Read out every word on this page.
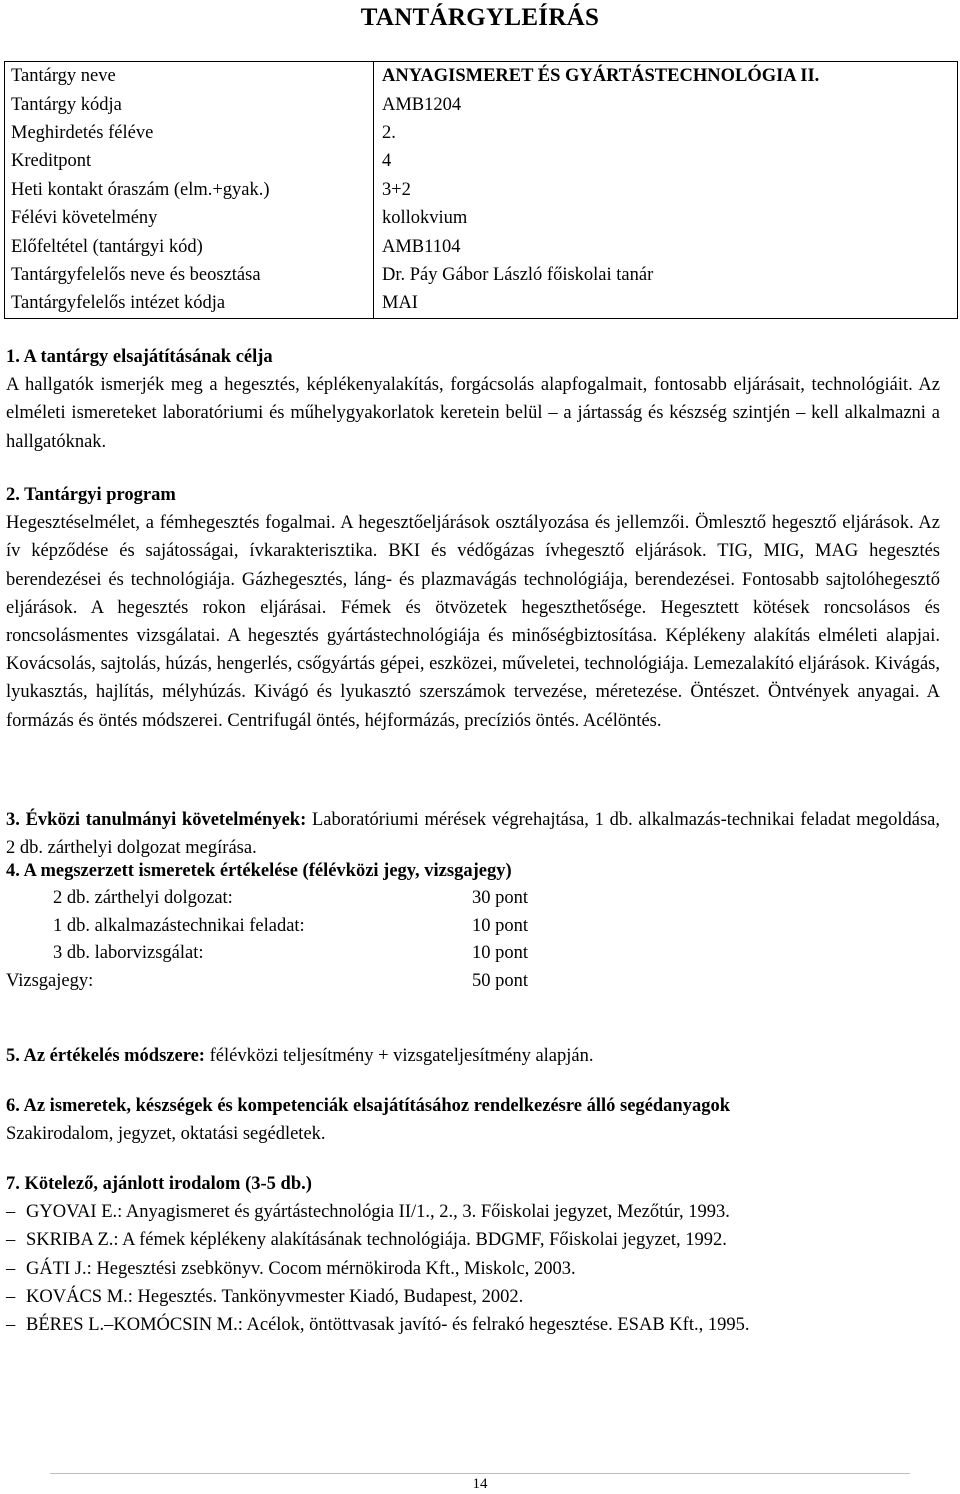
TANTÁRGYLEÍRÁS
Tantárgy neve	ANYAGISMERET ÉS GYÁRTÁSTECHNOLÓGIA II.
Tantárgy kódja	AMB1204
Meghirdetés féléve	2.
Kreditpont	4
Heti kontakt óraszám (elm.+gyak.)	3+2
Félévi követelmény	kollokvium
Előfeltétel (tantárgyi kód)	AMB1104
Tantárgyfelelős neve és beosztása	Dr. Páy Gábor László főiskolai tanár
Tantárgyfelelős intézet kódja	MAI
1. A tantárgy elsajátításának célja
A hallgatók ismerjék meg a hegesztés, képlékenyalakítás, forgácsolás alapfogalmait, fontosabb eljárásait, technológiáit. Az elméleti ismereteket laboratóriumi és műhelygyakorlatok keretein belül – a jártasság és készség szintjén – kell alkalmazni a hallgatóknak.
2. Tantárgyi program
Hegesztéselmélet, a fémhegesztés fogalmai. A hegesztőeljárások osztályozása és jellemzői. Ömlesztő hegesztő eljárások. Az ív képződése és sajátosságai, ívkarakterisztika. BKI és védőgázas ívhegesztő eljárások. TIG, MIG, MAG hegesztés berendezései és technológiája. Gázhegesztés, láng- és plazmavágás technológiája, berendezései. Fontosabb sajtolóhegesztő eljárások. A hegesztés rokon eljárásai. Fémek és ötvözetek hegeszthetősége. Hegesztett kötések roncsolásos és roncsolásmentes vizsgálatai. A hegesztés gyártástechnológiája és minőségbiztosítása. Képlékeny alakítás elméleti alapjai. Kovácsolás, sajtolás, húzás, hengerlés, csőgyártás gépei, eszközei, műveletei, technológiája. Lemezalakító eljárások. Kivágás, lyukasztás, hajlítás, mélyhúzás. Kivágó és lyukasztó szerszámok tervezése, méretezése. Öntészet. Öntvények anyagai. A formázás és öntés módszerei. Centrifugál öntés, héjformázás, precíziós öntés. Acélöntés.
3. Évközi tanulmányi követelmények: Laboratóriumi mérések végrehajtása, 1 db. alkalmazás-technikai feladat megoldása, 2 db. zárthelyi dolgozat megírása.
4. A megszerzett ismeretek értékelése (félévközi jegy, vizsgajegy)
2 db. zárthelyi dolgozat:	30 pont
1 db. alkalmazástechnikai feladat:	10 pont
3 db. laborvizsgálat:	10 pont
Vizsgajegy:	50 pont
5. Az értékelés módszere: félévközi teljesítmény + vizsgateljesítmény alapján.
6. Az ismeretek, készségek és kompetenciák elsajátításához rendelkezésre álló segédanyagok
Szakirodalom, jegyzet, oktatási segédletek.
7. Kötelező, ajánlott irodalom (3-5 db.)
– GYOVAI E.: Anyagismeret és gyártástechnológia II/1., 2., 3. Főiskolai jegyzet, Mezőtúr, 1993.
– SKRIBA Z.: A fémek képlékeny alakításának technológiája. BDGMF, Főiskolai jegyzet, 1992.
– GÁTI J.: Hegesztési zsebkönyv. Cocom mérnökiroda Kft., Miskolc, 2003.
– KOVÁCS M.: Hegesztés. Tankönyvmester Kiadó, Budapest, 2002.
– BÉRES L.–KOMÓCSIN M.: Acélok, öntöttvasak javító- és felrakó hegesztése. ESAB Kft., 1995.
14
